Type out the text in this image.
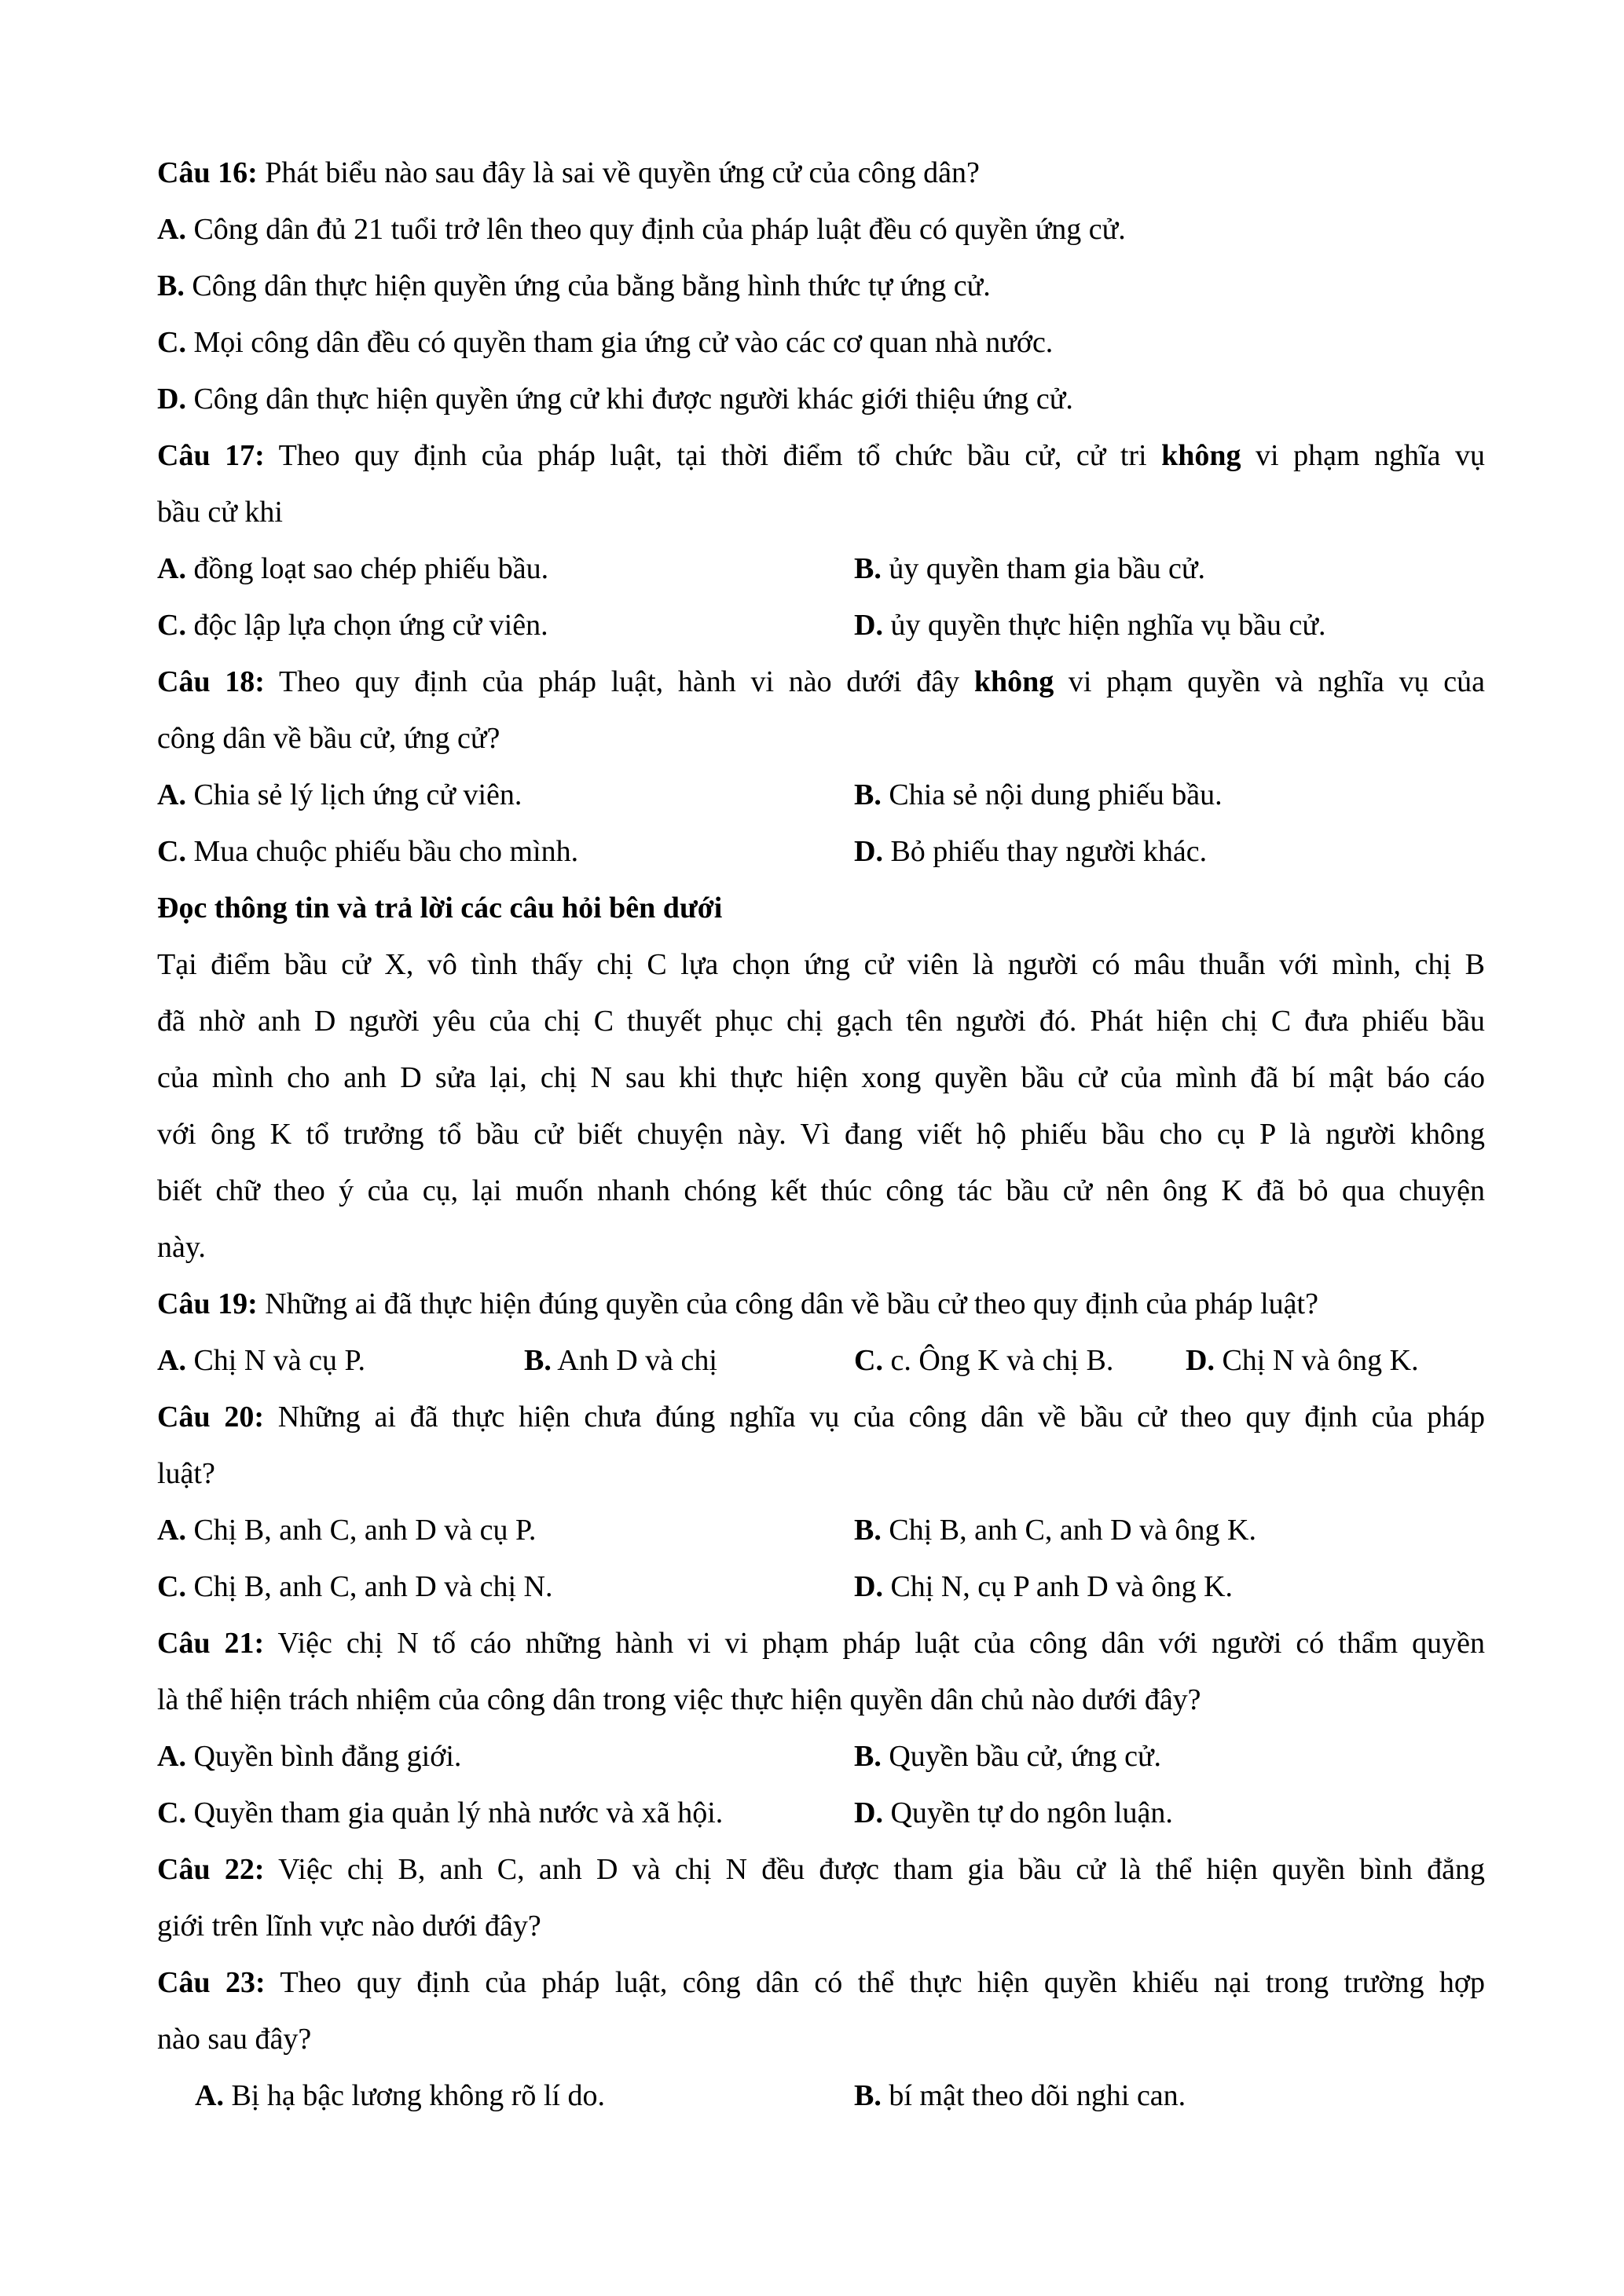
Câu 16: Phát biểu nào sau đây là sai về quyền ứng cử của công dân?
A. Công dân đủ 21 tuổi trở lên theo quy định của pháp luật đều có quyền ứng cử.
B. Công dân thực hiện quyền ứng của bằng bằng hình thức tự ứng cử.
C. Mọi công dân đều có quyền tham gia ứng cử vào các cơ quan nhà nước.
D. Công dân thực hiện quyền ứng cử khi được người khác giới thiệu ứng cử.
Câu 17: Theo quy định của pháp luật, tại thời điểm tổ chức bầu cử, cử tri không vi phạm nghĩa vụ
bầu cử khi
A. đồng loạt sao chép phiếu bầu.	B. ủy quyền tham gia bầu cử.
C. độc lập lựa chọn ứng cử viên.	D. ủy quyền thực hiện nghĩa vụ bầu cử.
Câu 18: Theo quy định của pháp luật, hành vi nào dưới đây không vi phạm quyền và nghĩa vụ của
công dân về bầu cử, ứng cử?
A. Chia sẻ lý lịch ứng cử viên.	B. Chia sẻ nội dung phiếu bầu.
C. Mua chuộc phiếu bầu cho mình.	D. Bỏ phiếu thay người khác.
Đọc thông tin và trả lời các câu hỏi bên dưới
Tại điểm bầu cử X, vô tình thấy chị C lựa chọn ứng cử viên là người có mâu thuẫn với mình, chị B
đã nhờ anh D người yêu của chị C thuyết phục chị gạch tên người đó. Phát hiện chị C đưa phiếu bầu
của mình cho anh D sửa lại, chị N sau khi thực hiện xong quyền bầu cử của mình đã bí mật báo cáo
với ông K tổ trưởng tổ bầu cử biết chuyện này. Vì đang viết hộ phiếu bầu cho cụ P là người không
biết chữ theo ý của cụ, lại muốn nhanh chóng kết thúc công tác bầu cử nên ông K đã bỏ qua chuyện
này.
Câu 19: Những ai đã thực hiện đúng quyền của công dân về bầu cử theo quy định của pháp luật?
A. Chị N và cụ P.	B. Anh D và chị	C. c. Ông K và chị B. D. Chị N và ông K.
Câu 20: Những ai đã thực hiện chưa đúng nghĩa vụ của công dân về bầu cử theo quy định của pháp
luật?
A. Chị B, anh C, anh D và cụ P.	B. Chị B, anh C, anh D và ông K.
C. Chị B, anh C, anh D và chị N.	D. Chị N, cụ P anh D và ông K.
Câu 21: Việc chị N tố cáo những hành vi vi phạm pháp luật của công dân với người có thẩm quyền
là thể hiện trách nhiệm của công dân trong việc thực hiện quyền dân chủ nào dưới đây?
A. Quyền bình đẳng giới.	B. Quyền bầu cử, ứng cử.
C. Quyền tham gia quản lý nhà nước và xã hội.	D. Quyền tự do ngôn luận.
Câu 22: Việc chị B, anh C, anh D và chị N đều được tham gia bầu cử là thể hiện quyền bình đẳng
giới trên lĩnh vực nào dưới đây?
Câu 23: Theo quy định của pháp luật, công dân có thể thực hiện quyền khiếu nại trong trường hợp
nào sau đây?
A. Bị hạ bậc lương không rõ lí do.	B. bí mật theo dõi nghi can.
